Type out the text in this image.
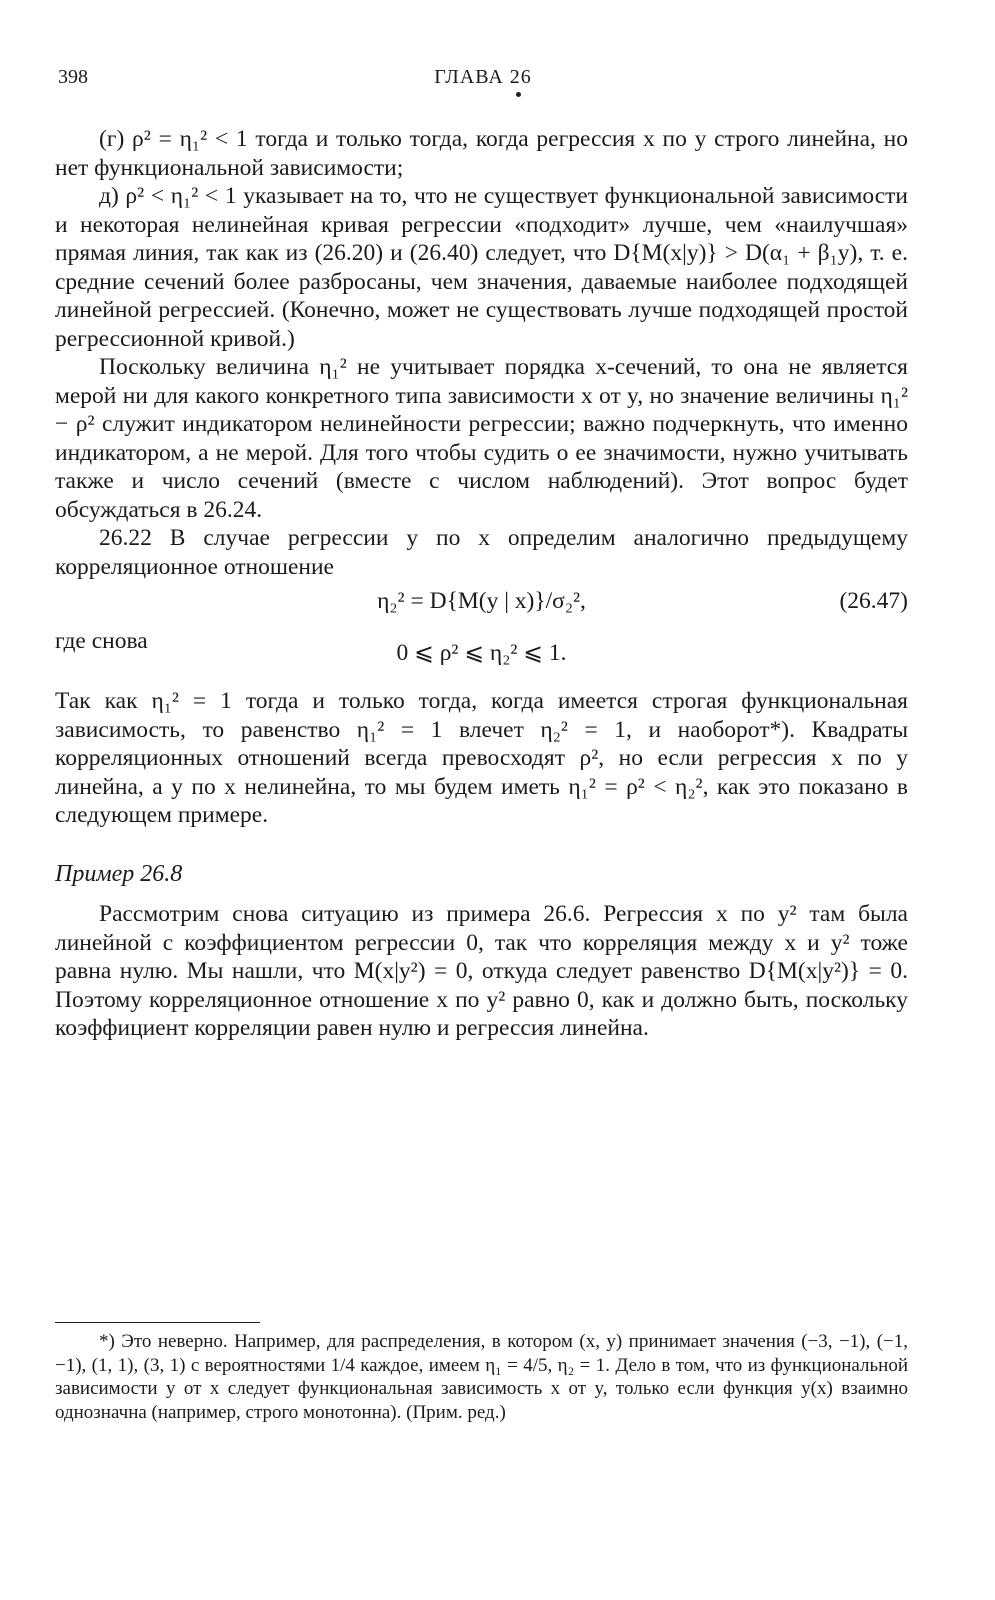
398	ГЛАВА 26

(г) ρ² = η₁² < 1 тогда и только тогда, когда регрессия x по y строго линейна, но нет функциональной зависимости;

д) ρ² < η₁² < 1 указывает на то, что не существует функциональной зависимости и некоторая нелинейная кривая регрессии «подходит» лучше, чем «наилучшая» прямая линия, так как из (26.20) и (26.40) следует, что D{M(x|y)} > D(α₁ + β₁y), т. е. средние сечений более разбросаны, чем значения, даваемые наиболее подходящей линейной регрессией. (Конечно, может не существовать лучше подходящей простой регрессионной кривой.)

Поскольку величина η₁² не учитывает порядка x-сечений, то она не является мерой ни для какого конкретного типа зависимости x от y, но значение величины η₁² − ρ² служит индикатором нелинейности регрессии; важно подчеркнуть, что именно индикатором, а не мерой. Для того чтобы судить о ее значимости, нужно учитывать также и число сечений (вместе с числом наблюдений). Этот вопрос будет обсуждаться в 26.24.

26.22 В случае регрессии y по x определим аналогично предыдущему корреляционное отношение

η₂² = D{M(y | x)}/σ₂²,	(26.47)
где снова	0 ⩽ ρ² ⩽ η₂² ⩽ 1.

Так как η₁² = 1 тогда и только тогда, когда имеется строгая функциональная зависимость, то равенство η₁² = 1 влечет η₂² = 1, и наоборот*). Квадраты корреляционных отношений всегда превосходят ρ², но если регрессия x по y линейна, а y по x нелинейна, то мы будем иметь η₁² = ρ² < η₂², как это показано в следующем примере.

Пример 26.8

Рассмотрим снова ситуацию из примера 26.6. Регрессия x по y² там была линейной с коэффициентом регрессии 0, так что корреляция между x и y² тоже равна нулю. Мы нашли, что M(x|y²) = 0, откуда следует равенство D{M(x|y²)} = 0. Поэтому корреляционное отношение x по y² равно 0, как и должно быть, поскольку коэффициент корреляции равен нулю и регрессия линейна.

*) Это неверно. Например, для распределения, в котором (x, y) принимает значения (−3, −1), (−1, −1), (1, 1), (3, 1) с вероятностями 1/4 каждое, имеем η₁ = 4/5, η₂ = 1. Дело в том, что из функциональной зависимости y от x следует функциональная зависимость x от y, только если функция y(x) взаимно однозначна (например, строго монотонна). (Прим. ред.)
